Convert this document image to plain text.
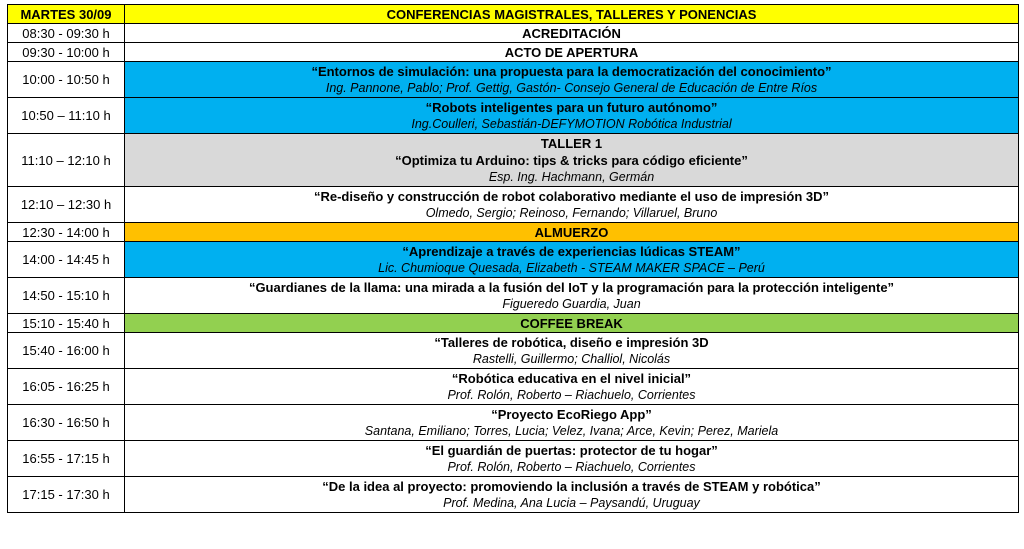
MARTES 30/09	CONFERENCIAS MAGISTRALES, TALLERES Y PONENCIAS
08:30 - 09:30 h	ACREDITACIÓN
09:30 - 10:00 h	ACTO DE APERTURA
10:00 - 10:50 h	“Entornos de simulación: una propuesta para la democratización del conocimiento”
Ing. Pannone, Pablo; Prof. Gettig, Gastón- Consejo General de Educación de Entre Ríos

10:50 – 11:10 h	“Robots inteligentes para un futuro autónomo”
Ing.Coulleri, Sebastián-DEFYMOTION Robótica Industrial

11:10 – 12:10 h	TALLER 1
“Optimiza tu Arduino: tips & tricks para código eficiente”
Esp. Ing. Hachmann, Germán

12:10 – 12:30 h	“Re-diseño y construcción de robot colaborativo mediante el uso de impresión 3D”
Olmedo, Sergio; Reinoso, Fernando; Villaruel, Bruno

12:30 - 14:00 h	ALMUERZO
14:00 - 14:45 h	“Aprendizaje a través de experiencias lúdicas STEAM”
Lic. Chumioque Quesada, Elizabeth - STEAM MAKER SPACE – Perú

14:50 - 15:10 h	“Guardianes de la llama: una mirada a la fusión del IoT y la programación para la protección inteligente”
Figueredo Guardia, Juan

15:10 - 15:40 h	COFFEE BREAK
15:40 - 16:00 h	“Talleres de robótica, diseño e impresión 3D
Rastelli, Guillermo; Challiol, Nicolás

16:05 - 16:25 h	“Robótica educativa en el nivel inicial”
Prof. Rolón, Roberto – Riachuelo, Corrientes

16:30 - 16:50 h	“Proyecto EcoRiego App”
Santana, Emiliano; Torres, Lucia; Velez, Ivana; Arce, Kevin; Perez, Mariela

16:55 - 17:15 h	“El guardián de puertas: protector de tu hogar”
Prof. Rolón, Roberto – Riachuelo, Corrientes

17:15 - 17:30 h	“De la idea al proyecto: promoviendo la inclusión a través de STEAM y robótica”
Prof. Medina, Ana Lucia – Paysandú, Uruguay
